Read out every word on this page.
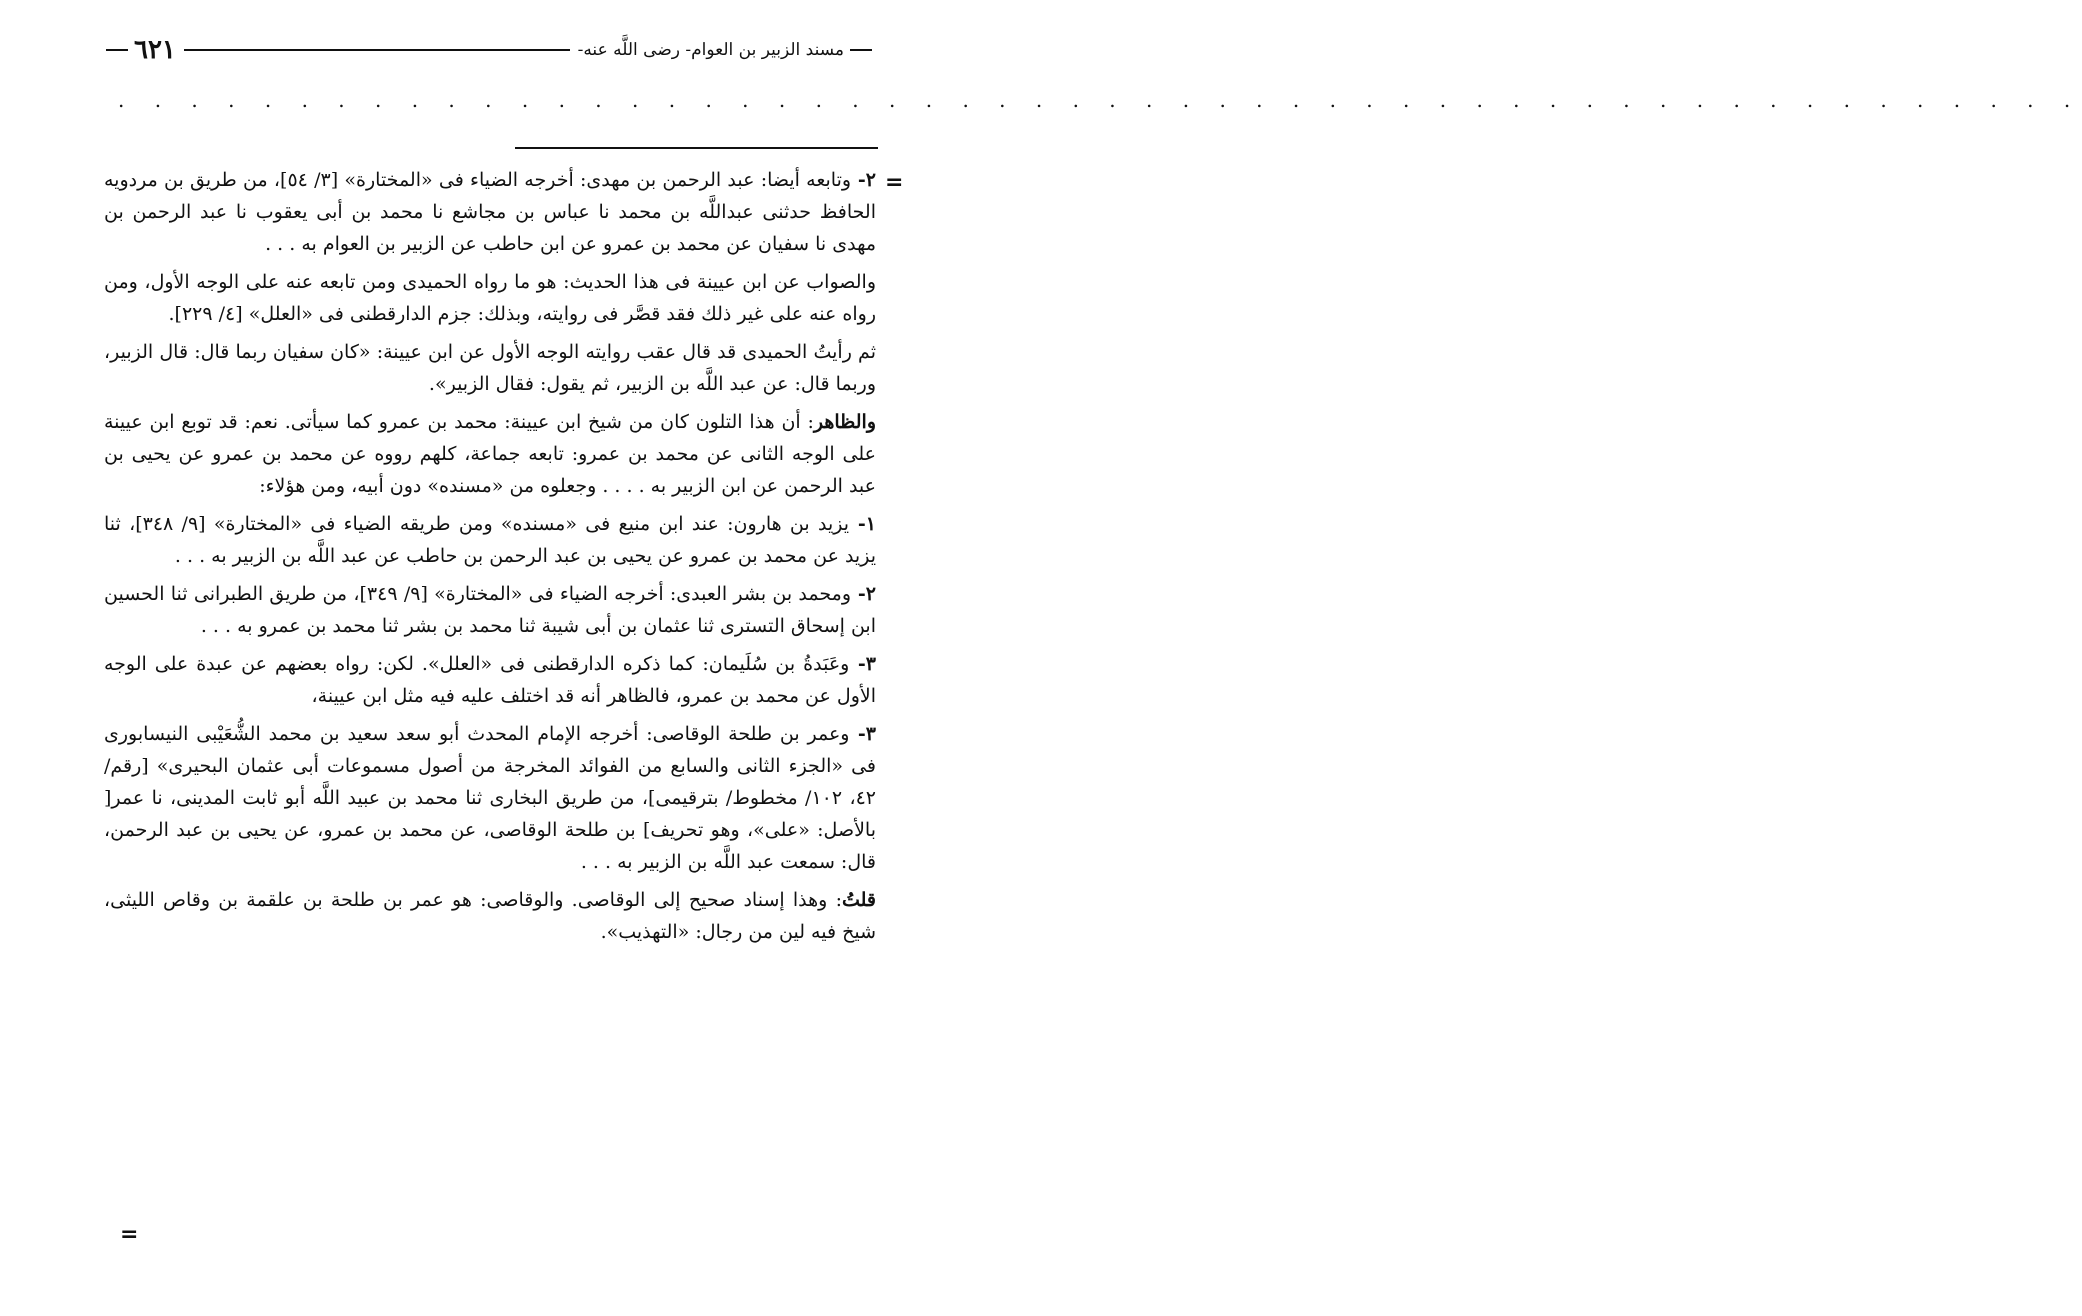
٦٢١	مسند الزبير بن العوام- رضى اللَّه عنه-
. . . . . . . . . . . . . . . . . . . . . . . . . . . . . . . . . . . . . . . . . . . . . . . . . . . . . .
=

٢- وتابعه أيضا: عبد الرحمن بن مهدى: أخرجه الضياء فى «المختارة» [٣/ ٥٤]، من طريق بن مردويه الحافظ حدثنى عبداللَّه بن محمد نا عباس بن مجاشع نا محمد بن أبى يعقوب نا عبد الرحمن بن مهدى نا سفيان عن محمد بن عمرو عن ابن حاطب عن الزبير بن العوام به . . .

والصواب عن ابن عيينة فى هذا الحديث: هو ما رواه الحميدى ومن تابعه عنه على الوجه الأول، ومن رواه عنه على غير ذلك فقد قصَّر فى روايته، وبذلك: جزم الدارقطنى فى «العلل» [٤/ ٢٢٩].

ثم رأيتُ الحميدى قد قال عقب روايته الوجه الأول عن ابن عيينة: «كان سفيان ربما قال: قال الزبير، وربما قال: عن عبد اللَّه بن الزبير، ثم يقول: فقال الزبير».

والظاهر: أن هذا التلون كان من شيخ ابن عيينة: محمد بن عمرو كما سيأتى. نعم: قد توبع ابن عيينة على الوجه الثانى عن محمد بن عمرو: تابعه جماعة، كلهم رووه عن محمد بن عمرو عن يحيى بن عبد الرحمن عن ابن الزبير به . . . . وجعلوه من «مسنده» دون أبيه، ومن هؤلاء:

١- يزيد بن هارون: عند ابن منيع فى «مسنده» ومن طريقه الضياء فى «المختارة» [٩/ ٣٤٨]، ثنا يزيد عن محمد بن عمرو عن يحيى بن عبد الرحمن بن حاطب عن عبد اللَّه بن الزبير به . . .

٢- ومحمد بن بشر العبدى: أخرجه الضياء فى «المختارة» [٩/ ٣٤٩]، من طريق الطبرانى ثنا الحسين ابن إسحاق التسترى ثنا عثمان بن أبى شيبة ثنا محمد بن بشر ثنا محمد بن عمرو به . . .

٣- وعَبَدةُ بن سُلَيمان: كما ذكره الدارقطنى فى «العلل». لكن: رواه بعضهم عن عبدة على الوجه الأول عن محمد بن عمرو، فالظاهر أنه قد اختلف عليه فيه مثل ابن عيينة،

٣- وعمر بن طلحة الوقاصى: أخرجه الإمام المحدث أبو سعد سعيد بن محمد الشُّعَيْبى النيسابورى فى «الجزء الثانى والسابع من الفوائد المخرجة من أصول مسموعات أبى عثمان البحيرى» [رقم/ ٤٢، ١٠٢/ مخطوط/ بترقيمى]، من طريق البخارى ثنا محمد بن عبيد اللَّه أبو ثابت المدينى، نا عمر[ بالأصل: «على»، وهو تحريف] بن طلحة الوقاصى، عن محمد بن عمرو، عن يحيى بن عبد الرحمن، قال: سمعت عبد اللَّه بن الزبير به . . .

قلتُ: وهذا إسناد صحيح إلى الوقاصى. والوقاصى: هو عمر بن طلحة بن علقمة بن وقاص الليثى، شيخ فيه لين من رجال: «التهذيب».

=
